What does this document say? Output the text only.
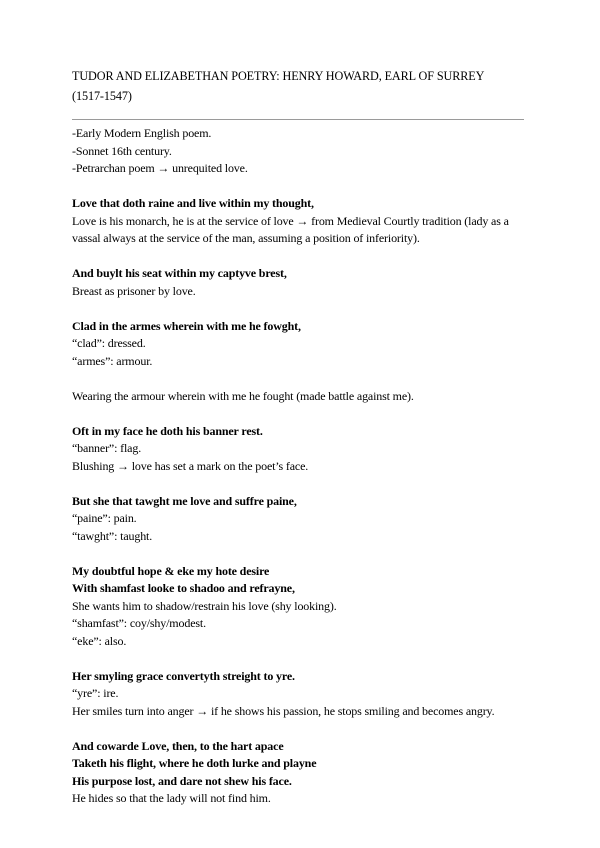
TUDOR AND ELIZABETHAN POETRY: HENRY HOWARD, EARL OF SURREY

(1517-1547)

-Early Modern English poem.

-Sonnet 16th century.

-Petrarchan poem → unrequited love.

Love that doth raine and live within my thought,

Love is his monarch, he is at the service of love → from Medieval Courtly tradition (lady as a vassal always at the service of the man, assuming a position of inferiority).

And buylt his seat within my captyve brest,

Breast as prisoner by love.

Clad in the armes wherein with me he fowght,

“clad”: dressed.

“armes”: armour.

Wearing the armour wherein with me he fought (made battle against me).

Oft in my face he doth his banner rest.

“banner”: flag.

Blushing → love has set a mark on the poet’s face.

But she that tawght me love and suffre paine,

“paine”: pain.

“tawght”: taught.

My doubtful hope & eke my hote desire

With shamfast looke to shadoo and refrayne,

She wants him to shadow/restrain his love (shy looking).

“shamfast”: coy/shy/modest.

“eke”: also.

Her smyling grace convertyth streight to yre.

“yre”: ire.

Her smiles turn into anger → if he shows his passion, he stops smiling and becomes angry.

And cowarde Love, then, to the hart apace

Taketh his flight, where he doth lurke and playne

His purpose lost, and dare not shew his face.

He hides so that the lady will not find him.
